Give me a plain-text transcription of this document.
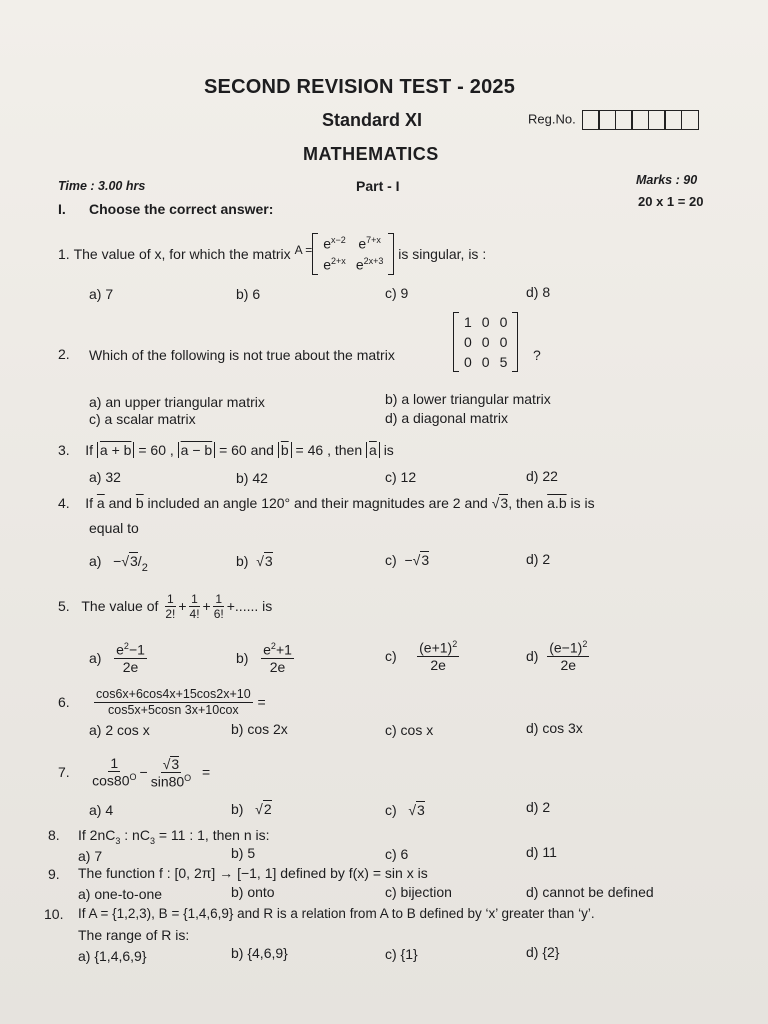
SECOND REVISION TEST - 2025
Standard XI	Reg.No.
MATHEMATICS
Time : 3.00 hrs	Part - I	Marks : 90
20 x 1 = 20
I. Choose the correct answer:
1.
The value of x, for which the matrix
$A = e^{x-2}$	$e^{7+x}$
$e^{2+x}$	$e^{2x+3}$
is singular, is :
a) 7	b) 6	c) 9	d) 8
2. Which of the following is not true about the matrix
1	0	0
0	0	0
0	0	5 ?
a) an upper triangular matrix	b) a lower triangular matrix
c) a scalar matrix	d) a diagonal matrix
3. If a + b = 60 , a − b = 60 and $\overline{b} = 46$ , then $\overline{a}$ is
a) 32	b) 42	c) 12	d) 22
4. If $\overline{a}$ and $\overline{b}$ included an angle 120° and their magnitudes are 2 and √3, then a.b is is
equal to
$a) -√3/_2$	b) √3	c) −√3	d) 2
5.
The value of
$\frac{1}{2!} + \frac{1}{4!} + \frac{1}{6!}$ +...... is
a)
$\frac{e^2-1}{2e}$	b)
$\frac{e^2+1}{2e}$	c)
$\frac{(e+1)^2}{2e}$	d)
$\frac{(e-1)^2}{2e}$
6.
$\frac{\cos 6x+6\cos 4x+15\cos 2x+10}{\text{cos5x+5cosn 3x+10cox}}$
=
a) 2 cos x	b) cos 2x	c) cos x	d) cos 3x
7.
$\frac{1}{\cos 80^O} - \frac{√3}{\sin 80^O}$
=
a) 4	b) √2	c) √3	d) 2
8. If $2nC_3$ : $nC_3 = 11$ : 1, then n is:
a) 7	b) 5	c) 6	d) 11
9. The function f : [0, 2π] → [−1, 1] defined by f(x) = sin x is
a) one-to-one	b) onto	c) bijection	d) cannot be defined
10. If A = {1,2,3), B = {1,4,6,9} and R is a relation from A to B defined by ‘x’ greater than ‘y’.
The range of R is:
a) {1,4,6,9}	b) {4,6,9}	c) {1}	d) {2}
